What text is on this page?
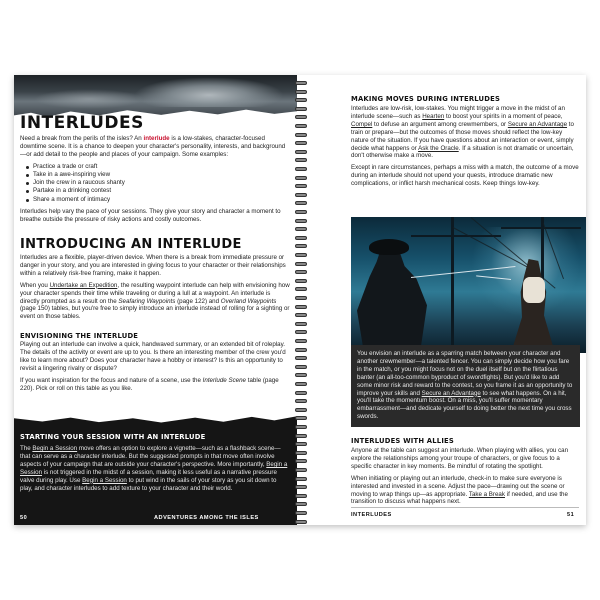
INTERLUDES

Need a break from the perils of the isles? An interlude is a low-stakes, character-focused downtime scene. It is a chance to deepen your character's personality, interests, and background—or add detail to the people and places of your campaign. Some examples:

Practice a trade or craft
Take in a awe-inspiring view
Join the crew in a raucous shanty
Partake in a drinking contest
Share a moment of intimacy

Interludes help vary the pace of your sessions. They give your story and character a moment to breathe outside the pressure of risky actions and costly outcomes.

INTRODUCING AN INTERLUDE

Interludes are a flexible, player-driven device. When there is a break from immediate pressure or danger in your story, and you are interested in giving focus to your character or their relationships within a relatively risk-free framing, make it happen.

When you Undertake an Expedition, the resulting waypoint interlude can help with envisioning how your character spends their time while traveling or during a lull at a waypoint. An interlude is directly prompted as a result on the Seafaring Waypoints (page 122) and Overland Waypoints (page 150) tables, but you're free to simply introduce an interlude instead of rolling for a sighting or event on those tables.

ENVISIONING THE INTERLUDE

Playing out an interlude can involve a quick, handwaved summary, or an extended bit of roleplay. The details of the activity or event are up to you. Is there an interesting member of the crew you'd like to learn more about? Does your character have a hobby or interest? Is this an opportunity to revisit a lingering rivalry or dispute?

If you want inspiration for the focus and nature of a scene, use the Interlude Scene table (page 220). Pick or roll on this table as you like.

STARTING YOUR SESSION WITH AN INTERLUDE

The Begin a Session move offers an option to explore a vignette—such as a flashback scene—that can serve as a character interlude. But the suggested prompts in that move often involve aspects of your campaign that are outside your character's perspective. More importantly, Begin a Session is not triggered in the midst of a session, making it less useful as a narrative pressure valve during play. Use Begin a Session to put wind in the sails of your story as you sit down to play, and character interludes to add texture to your character and their world.

50	ADVENTURES AMONG THE ISLES
MAKING MOVES DURING INTERLUDES

Interludes are low-risk, low-stakes. You might trigger a move in the midst of an interlude scene—such as Hearten to boost your spirits in a moment of peace, Compel to defuse an argument among crewmembers, or Secure an Advantage to train or prepare—but the outcomes of those moves should reflect the low-key nature of the situation. If you have questions about an interaction or event, simply decide what happens or Ask the Oracle. If a situation is not dramatic or uncertain, don't otherwise make a move.

Except in rare circumstances, perhaps a miss with a match, the outcome of a move during an interlude should not upend your quests, introduce dramatic new complications, or inflict harsh mechanical costs. Keep things low-key.

You envision an interlude as a sparring match between your character and another crewmember—a talented fencer. You can simply decide how you fare in the match, or you might focus not on the duel itself but on the flirtatious banter (an all-too-common byproduct of swordfights). But you'd like to add some minor risk and reward to the contest, so you frame it as an opportunity to improve your skills and Secure an Advantage to see what happens. On a hit, you'll take the momentum boost. On a miss, you'll suffer momentary embarrassment—and dedicate yourself to doing better the next time you cross swords.

INTERLUDES WITH ALLIES

Anyone at the table can suggest an interlude. When playing with allies, you can explore the relationships among your troupe of characters, or give focus to a specific character in key moments. Be mindful of rotating the spotlight.

When initiating or playing out an interlude, check-in to make sure everyone is interested and invested in a scene. Adjust the pace—drawing out the scene or moving to wrap things up—as appropriate. Take a Break if needed, and use the transition to discuss what happens next.

INTERLUDES	51
